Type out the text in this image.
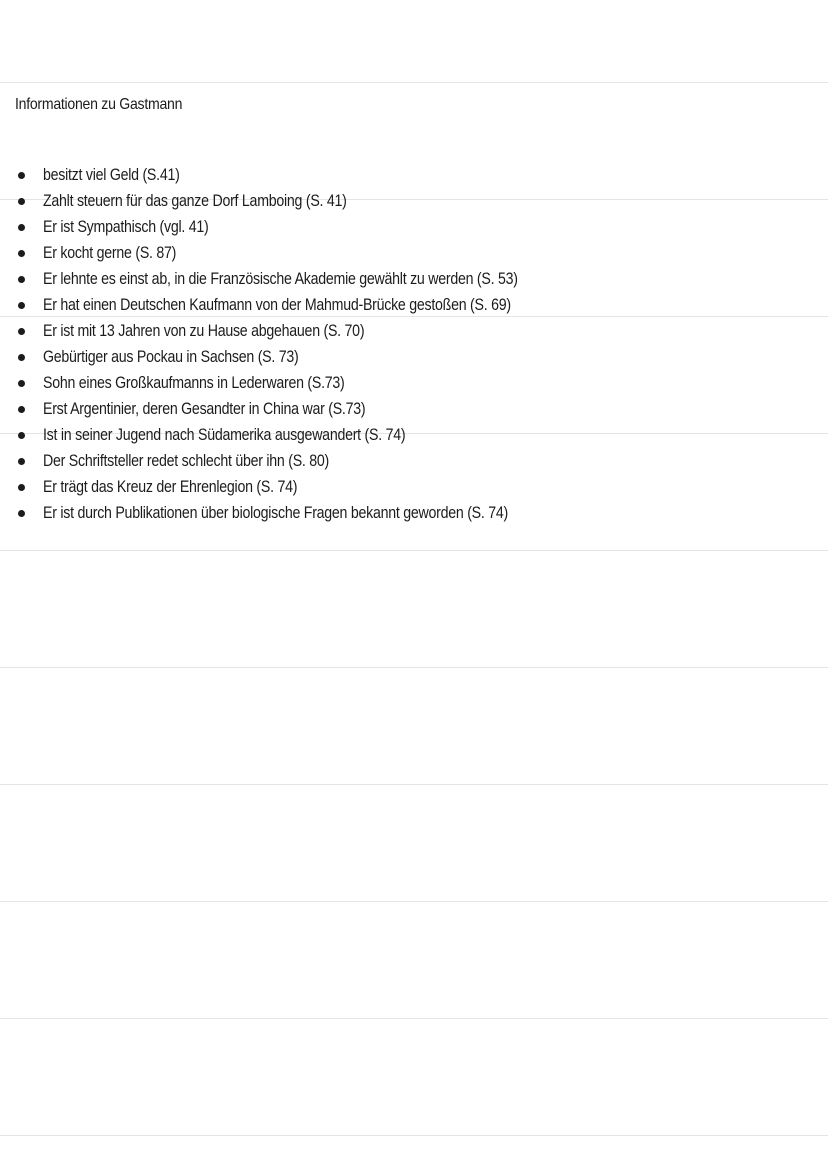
Informationen zu Gastmann
besitzt viel Geld (S.41)
Zahlt steuern für das ganze Dorf Lamboing (S. 41)
Er ist Sympathisch (vgl. 41)
Er kocht gerne (S. 87)
Er lehnte es einst ab, in die Französische Akademie gewählt zu werden (S. 53)
Er hat einen Deutschen Kaufmann von der Mahmud-Brücke gestoßen (S. 69)
Er ist mit 13 Jahren von zu Hause abgehauen (S. 70)
Gebürtiger aus Pockau in Sachsen (S. 73)
Sohn eines Großkaufmanns in Lederwaren (S.73)
Erst Argentinier, deren Gesandter in China war (S.73)
Ist in seiner Jugend nach Südamerika ausgewandert (S. 74)
Der Schriftsteller redet schlecht über ihn (S. 80)
Er trägt das Kreuz der Ehrenlegion (S. 74)
Er ist durch Publikationen über biologische Fragen bekannt geworden (S. 74)
